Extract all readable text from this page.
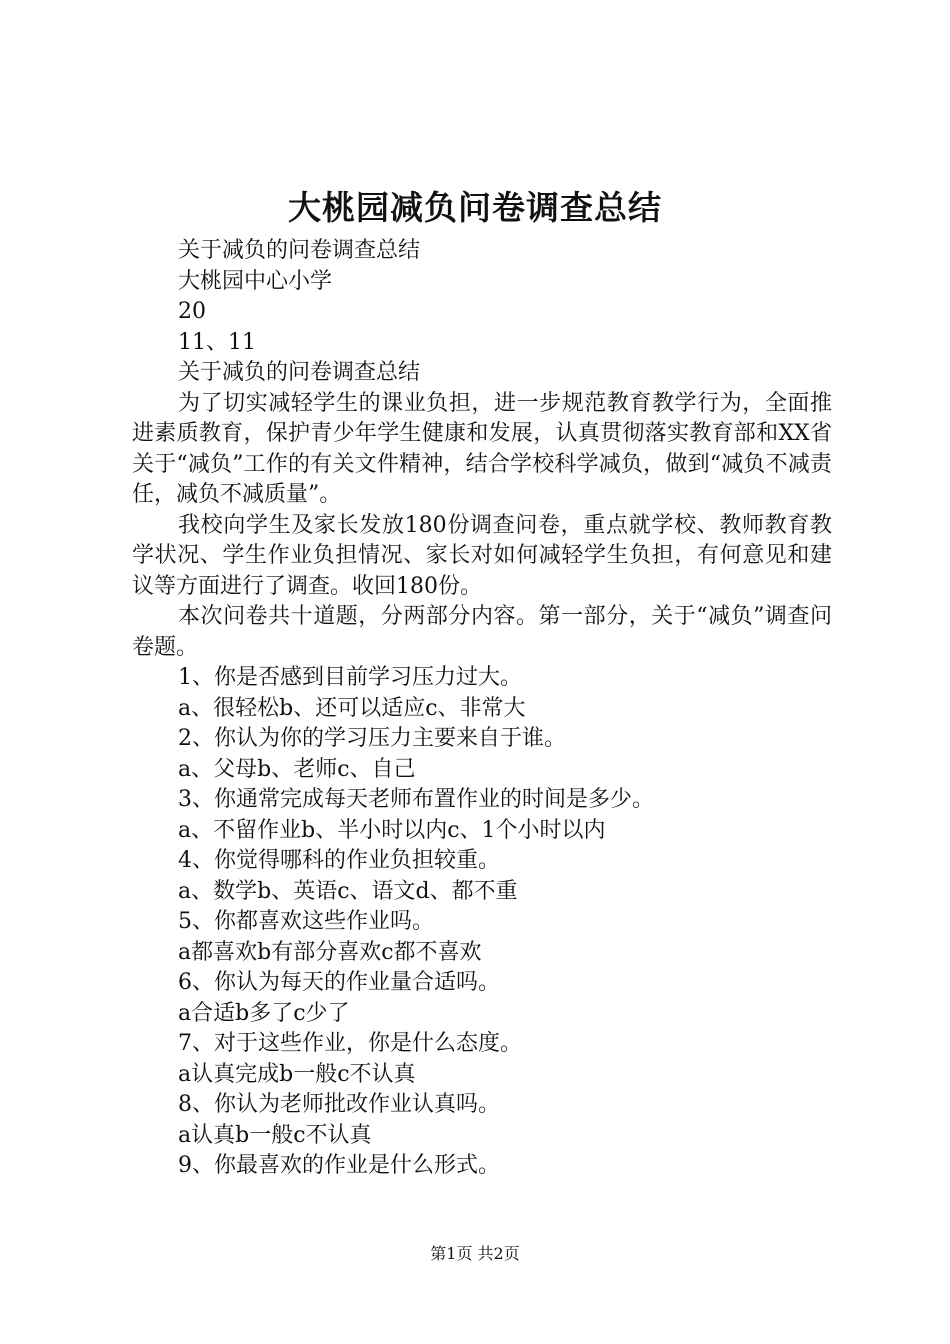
大桃园减负问卷调查总结

关于减负的问卷调查总结

大桃园中心小学

20

11、11

关于减负的问卷调查总结

为了切实减轻学生的课业负担，进一步规范教育教学行为，全面推进素质教育，保护青少年学生健康和发展，认真贯彻落实教育部和XX省关于“减负”工作的有关文件精神，结合学校科学减负，做到“减负不减责任，减负不减质量”。

我校向学生及家长发放180份调查问卷，重点就学校、教师教育教学状况、学生作业负担情况、家长对如何减轻学生负担，有何意见和建议等方面进行了调查。收回180份。

本次问卷共十道题，分两部分内容。第一部分，关于“减负”调查问卷题。

1、你是否感到目前学习压力过大。

a、很轻松b、还可以适应c、非常大

2、你认为你的学习压力主要来自于谁。

a、父母b、老师c、自己

3、你通常完成每天老师布置作业的时间是多少。

a、不留作业b、半小时以内c、1个小时以内

4、你觉得哪科的作业负担较重。

a、数学b、英语c、语文d、都不重

5、你都喜欢这些作业吗。

a都喜欢b有部分喜欢c都不喜欢

6、你认为每天的作业量合适吗。

a合适b多了c少了

7、对于这些作业，你是什么态度。

a认真完成b一般c不认真

8、你认为老师批改作业认真吗。

a认真b一般c不认真

9、你最喜欢的作业是什么形式。

第1页 共2页
